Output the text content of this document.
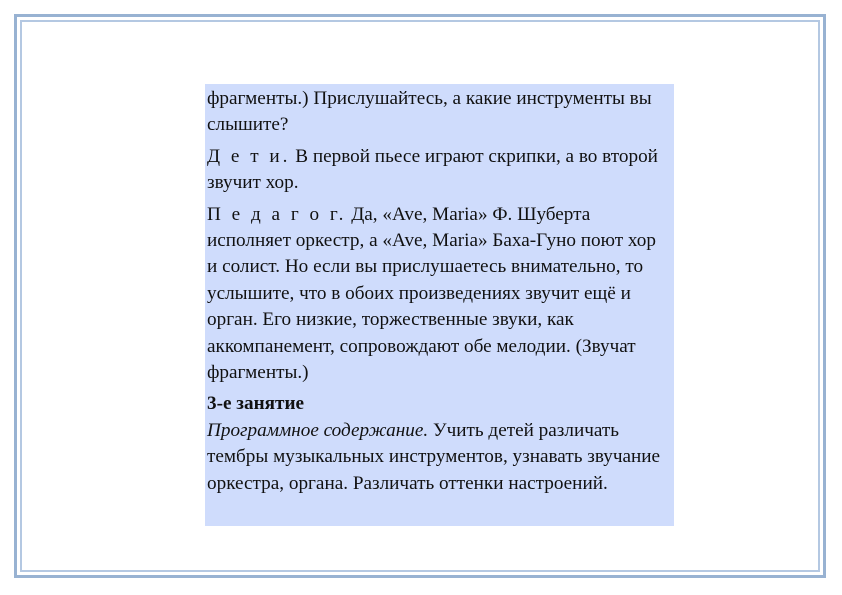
фрагменты.) Прислушайтесь, а какие инструменты вы слышите?

Д е т и. В первой пьесе играют скрипки, а во второй звучит хор.

П е д а г о г. Да, «Ave, Maria» Ф. Шуберта исполняет оркестр, а «Ave, Maria» Баха-Гуно поют хор и солист. Но если вы прислушаетесь внимательно, то услышите, что в обоих произведениях звучит ещё и орган. Его низкие, торжественные звуки, как аккомпанемент, сопровождают обе мелодии. (Звучат фрагменты.)

3-е занятие

Программное содержание. Учить детей различать тембры музыкальных инструментов, узнавать звучание оркестра, органа. Различать оттенки настроений.
